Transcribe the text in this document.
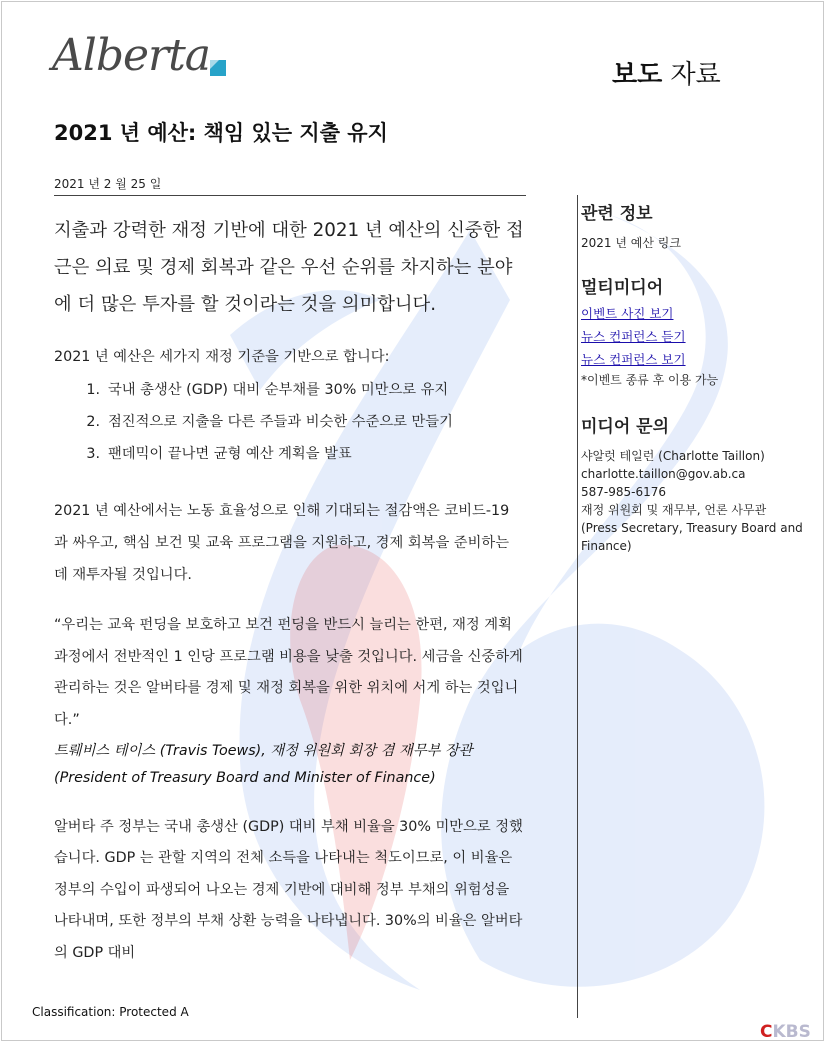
Alberta	보도 자료
2021 년 예산: 책임 있는 지출 유지
2021 년 2 월 25 일
지출과 강력한 재정 기반에 대한 2021 년 예산의 신중한 접근은 의료 및 경제 회복과 같은 우선 순위를 차지하는 분야에 더 많은 투자를 할 것이라는 것을 의미합니다.
2021 년 예산은 세가지 재정 기준을 기반으로 합니다:
1. 국내 총생산 (GDP) 대비 순부채를 30% 미만으로 유지
2. 점진적으로 지출을 다른 주들과 비슷한 수준으로 만들기
3. 팬데믹이 끝나면 균형 예산 계획을 발표
2021 년 예산에서는 노동 효율성으로 인해 기대되는 절감액은 코비드-19 과 싸우고, 핵심 보건 및 교육 프로그램을 지원하고, 경제 회복을 준비하는 데 재투자될 것입니다.
“우리는 교육 펀딩을 보호하고 보건 펀딩을 반드시 늘리는 한편, 재정 계획 과정에서 전반적인 1 인당 프로그램 비용을 낮출 것입니다. 세금을 신중하게 관리하는 것은 알버타를 경제 및 재정 회복을 위한 위치에 서게 하는 것입니다.”
트뤠비스 테이스 (Travis Toews), 재정 위원회 회장 겸 재무부 장관
(President of Treasury Board and Minister of Finance)
알버타 주 정부는 국내 총생산 (GDP) 대비 부채 비율을 30% 미만으로 정했습니다. GDP 는 관할 지역의 전체 소득을 나타내는 척도이므로, 이 비율은 정부의 수입이 파생되어 나오는 경제 기반에 대비해 정부 부채의 위험성을 나타내며, 또한 정부의 부채 상환 능력을 나타냅니다. 30%의 비율은 알버타의 GDP 대비

관련 정보

2021 년 예산 링크

멀티미디어

이벤트 사진 보기
뉴스 컨퍼런스 듣기
뉴스 컨퍼런스 보기

*이벤트 종류 후 이용 가능

미디어 문의

샤알럿 테일런 (Charlotte Taillon)

charlotte.taillon@gov.ab.ca

587-985-6176

재정 위원회 및 재무부, 언론 사무관

(Press Secretary, Treasury Board and Finance)

Classification: Protected A
CKBS
